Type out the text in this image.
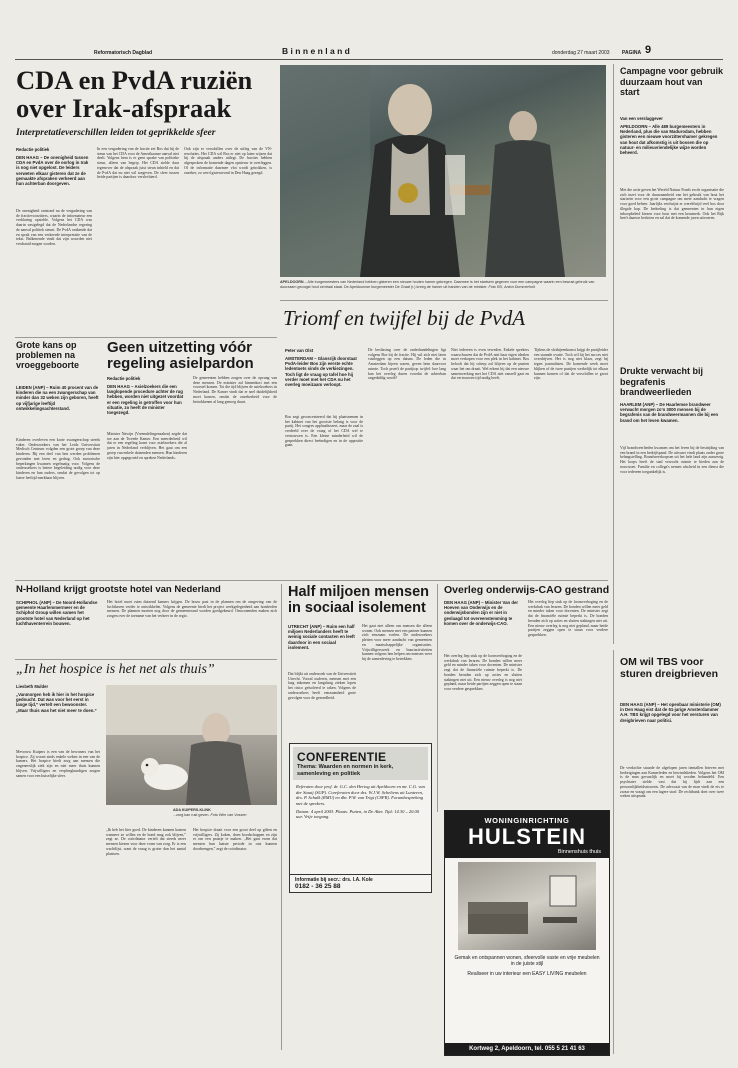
Reformatorisch Dagblad	Binnenland	donderdag 27 maart 2003 PAGINA 9
CDA en PvdA ruziën over Irak-afspraak
Interpretatieverschillen leiden tot geprikkelde sfeer
Redactie politiek
DEN HAAG – De onenigheid tussen CDA en PvdA over de oorlog in Irak is nog niet opgelost. De leiders verweten elkaar gisteren dat ze de gemaakte afspraken verkeerd aan hun achterban doorgeven.
De onenigheid ontstond na de vergadering van de fractievoorzitters, waarin de informateur een verklaring opstelde. Volgens het CDA was daarin vastgelegd dat de Nederlandse regering de aanval politiek steunt. De PvdA ontkende dat en sprak van een verkeerde interpretatie van de tekst. Balkenende vindt dat zijn woorden niet verdraaid mogen worden.
In een vergadering van de fractie zei Bos dat hij de steun van het CDA voor de Amerikaanse aanval niet deelt. Volgens hem is er geen sprake van politieke steun, alleen van begrip. Het CDA stelde daar tegenover dat de afspraak juist steun inhield en dat de PvdA dat nu niet wil toegeven. De sfeer tussen beide partijen is daardoor verslechterd.
Ook zijn er verschillen over de uitleg van de VN-resoluties. Het CDA wil Bos er niet op laten wijzen dat hij de afspraak anders uitlegt. De fracties hebben afgesproken de komende dagen opnieuw te overleggen. Of de informatie daarmee vlot wordt getrokken, is onzeker, zo werd gisteravond in Den Haag gezegd.
APELDOORN – Alle burgemeesters van Nederland hebben gisteren een nieuwe houten hamer gekregen. Daarmee is het startsein gegeven voor een campagne waarin een bewust gebruik van duurzaam geoogst hout centraal staat. De Apeldoornse burgemeester De Graaf (r.) kreeg de hamer uit handen van de minister. Foto RD, Anton Dommerholt
Campagne voor gebruik duurzaam hout van start
Van een verslaggever
APELDOORN – Alle 489 burgemeesters in Nederland, plus die van Madurodam, hebben gisteren een nieuwe voorzittershamer gekregen van hout dat afkomstig is uit bossen die op natuur- en milieuvriendelijke wijze worden beheerd.
Met die actie geven het Wereld Natuur Fonds en de organisatie die zich inzet voor de duurzaamheid van het gebruik van hout het startsein voor een grote campagne om meer aandacht te vragen voor goed beheer. Jaarlijks verdwijnt er wereldwijd veel bos door illegale kap. De bedoeling is dat gemeenten in hun eigen inkoopbeleid kiezen voor hout met een keurmerk. Ook het Rijk heeft daartoe besloten en zal dat de komende jaren uitvoeren.
Grote kans op problemen na vroeggeboorte
LEIDEN (ANP) – Ruim 40 procent van de kinderen die na een zwangerschap van minder dan 32 weken zijn geboren, heeft op vijfjarige leeftijd ontwikkelingsachterstand.
Kinderen overleven een korte zwangerschap steeds vaker. Onderzoekers van het Leids Universitair Medisch Centrum volgden een grote groep van deze kinderen. Bij een deel van hen werden problemen gevonden met leren en gedrag. Ook motorische beperkingen kwamen regelmatig voor. Volgens de onderzoekers is betere begeleiding nodig voor deze kinderen en hun ouders, omdat de gevolgen tot op latere leeftijd merkbaar blijven.
Geen uitzetting vóór regeling asielpardon
Redactie politiek
DEN HAAG – Asielzoekers die een langlopende procedure achter de rug hebben, worden niet uitgezet voordat er een regeling is getroffen voor hun situatie, zo heeft de minister toegezegd.
Minister Nawijn (Vreemdelingenzaken) zegde dat toe aan de Tweede Kamer. Een meerderheid wil dat er een regeling komt voor asielzoekers die al jaren in Nederland verblijven. Het gaat om een groep van enkele duizenden mensen. Hun kinderen zijn hier opgegroeid en spreken Nederlands.
De gemeenten hebben zorgen over de opvang van deze mensen. De minister zal binnenkort met een voorstel komen. Tot die tijd blijven de asielzoekers in Nederland. De Kamer vindt dat er snel duidelijkheid moet komen, omdat de onzekerheid voor de betrokkenen al lang genoeg duurt.
Triomf en twijfel bij de PvdA
Peter van Olst
AMSTERDAM – Glansrijk doorstaat PvdA-leider Bos zijn eerste echte ledentoets sinds de verkiezingen. Toch ligt de vraag op tafel hoe hij verder moet met het CDA nu het overleg moeizaam verloopt.
Bos zegt geconcentreerd dat hij plaatsnemen in het kabinet van het grootste belang is voor de partij. Het congres applaudisseert, maar de zaal is verdeeld over de vraag of het CDA wel te vertrouwen is. Een kleine minderheid wil de gesprekken direct beëindigen en in de oppositie gaan.
De beslissing over de onderhandelingen ligt volgens Bos bij de fractie. Hij wil zich niet laten vastleggen op een datum. De leden die in Amsterdam bijeen waren, geven hem daarvoor ruimte. Toch proeft de partijtop twijfel: hoe lang kan het overleg duren voordat de achterban ongeduldig wordt?
Niet iedereen is even tevreden. Enkele sprekers waarschuwen dat de PvdA niet haar eigen idealen moet verkopen voor een plek in het kabinet. Bos belooft dat hij scherp zal blijven op de punten waar het om draait. Wel erkent hij dat een nieuwe samenwerking met het CDA niet vanzelf gaat en dat vertrouwen tijd nodig heeft.
Tijdens de slotbijeenkomst krijgt de partijleider een staande ovatie. Toch wil hij het succes niet overdrijven. Het is nog niet klaar, zegt hij tegen journalisten. De komende week moet blijken of de twee partijen werkelijk tot elkaar kunnen komen of dat de verschillen te groot zijn.
Drukte verwacht bij begrafenis brandweerlieden
HAARLEM (ANP) – De Haarlemse brandweer verwacht morgen zo'n 3000 mensen bij de begrafenis van de brandweermannen die bij een brand om het leven kwamen.
Vijf brandweerlieden kwamen om het leven bij de bestrijding van een brand in een bedrijfspand. De uitvaart vindt plaats onder grote belangstelling. Brandweerkorpsen uit het hele land zijn aanwezig. Het korps heeft de stad verzocht ruimte te bieden aan de rouwstoet. Familie en collega's nemen afscheid in een dienst die voor iedereen toegankelijk is.
N-Holland krijgt grootste hotel van Nederland
SCHIPHOL (ANP) – De Noord-Hollandse gemeente Haarlemmermeer en de Schiphol Group willen samen het grootste hotel van Nederland op het luchthaventerrein bouwen.
Het hotel moet ruim duizend kamers krijgen. De bouw past in de plannen om de omgeving van de luchthaven verder te ontwikkelen. Volgens de gemeente biedt het project werkgelegenheid aan honderden mensen. De plannen moeten nog door de gemeenteraad worden goedgekeurd. Omwonenden maken zich zorgen over de toename van het verkeer in de regio.
„In het hospice is het net als thuis”
Liesbeth Mulder
„Vanmorgen heb ik hier in het hospice gedoucht. Dat was voor het eerst in lange tijd,” vertelt een bewoonster. „Maar thuis was het niet meer te doen.”
Mevrouw Kuipers is een van de bewoners van het hospice. Zij woont sinds enkele weken in een van de kamers. Het hospice biedt zorg aan mensen die ongeneeslijk ziek zijn en niet meer thuis kunnen blijven. Vrijwilligers en verpleegkundigen zorgen samen voor een huiselijke sfeer.
ADA KUIPERS-KLINK
...zorg kan rust geven. Foto Wim van Vossen
„Ik heb het hier goed. De kinderen kunnen komen wanneer ze willen en de hond mag ook blijven,” zegt ze. De coördinator vertelt dat steeds meer mensen kiezen voor deze vorm van zorg. Er is een wachtlijst, want de vraag is groter dan het aantal plaatsen.
Het hospice draait voor een groot deel op giften en vrijwilligers. Zij koken, doen boodschappen en zijn er om een praatje te maken. „Het gaat erom dat mensen hun laatste periode in rust kunnen doorbrengen,” zegt de coördinator.
Half miljoen mensen in sociaal isolement
UTRECHT (ANP) – Ruim een half miljoen Nederlanders heeft te weinig sociale contacten en leeft daardoor in een sociaal isolement.
Dat blijkt uit onderzoek van de Universiteit Utrecht. Vooral ouderen, mensen met een laag inkomen en langdurig zieken lopen het risico geïsoleerd te raken. Volgens de onderzoekers heeft eenzaamheid grote gevolgen voor de gezondheid.
Het gaat niet alleen om mensen die alleen wonen. Ook mensen met een partner kunnen zich eenzaam voelen. De onderzoekers pleiten voor meer aandacht van gemeenten en maatschappelijke organisaties. Vrijwilligerswerk en buurtactiviteiten kunnen volgens hen helpen om mensen weer bij de samenleving te betrekken.
CONFERENTIE
Thema: Waarden en normen in kerk, samenleving en politiek
Referaten door prof. dr. G.C. den Hertog uit Apeldoorn en mr. C.G. van der Staaij (SGP). Coreferaten door drs. W.J.W. Scheltens uit Lunteren, drs. P. Schalk (RMU) en dhr. P.W. van Trigt (CSFR). Forumbespreking met de sprekers.
Datum: 4 april 2003. Plaats: Putten, in De Aker. Tijd: 14.30 – 20.00 uur. Vrije toegang.
Informatie bij secr.: drs. I.A. Kole
0182 - 36 25 88
Overleg onderwijs-CAO gestrand
DEN HAAG (ANP) – Minister Van der Hoeven van Onderwijs en de onderwijsbonden zijn er niet in geslaagd tot overeenstemming te komen over de onderwijs-CAO.
Het overleg liep stuk op de loonsverhoging en de werkdruk van leraren. De bonden willen meer geld en minder taken voor docenten. De minister zegt dat de financiële ruimte beperkt is. De bonden beraden zich op acties en sluiten stakingen niet uit. Een nieuw overleg is nog niet gepland, maar beide partijen zeggen open te staan voor verdere gesprekken.
Het overleg liep stuk op de loonsverhoging en de werkdruk van leraren. De bonden willen meer geld en minder taken voor docenten. De minister zegt dat de financiële ruimte beperkt is. De bonden beraden zich op acties en sluiten stakingen niet uit. Een nieuw overleg is nog niet gepland, maar beide partijen zeggen open te staan voor verdere gesprekken.
WONINGINRICHTING
HULSTEIN
Binnenshuis thuis
Gemak en ontspannen wonen, sfeervolle vaste en vrije meubelen in de juiste stijl
Realiseer in uw interieur een EASY LIVING meubelen
Kortweg 2, Apeldoorn, tel. 055 5 21 41 63
OM wil TBS voor sturen dreigbrieven
DEN HAAG (ANP) – Het openbaar ministerie (OM) in Den Haag eist dat de 51-jarige Amsterdammer A.H. TBS krijgt opgelegd voor het versturen van dreigbrieven naar politici.
De verdachte stuurde de afgelopen jaren tientallen brieven met bedreigingen aan Kamerleden en bewindslieden. Volgens het OM is de man gevaarlijk en moet hij worden behandeld. Een psychiater stelde vast dat hij lijdt aan een persoonlijkheidsstoornis. De advocaat van de man vindt de eis te zwaar en vraagt om een lagere straf. De rechtbank doet over twee weken uitspraak.
